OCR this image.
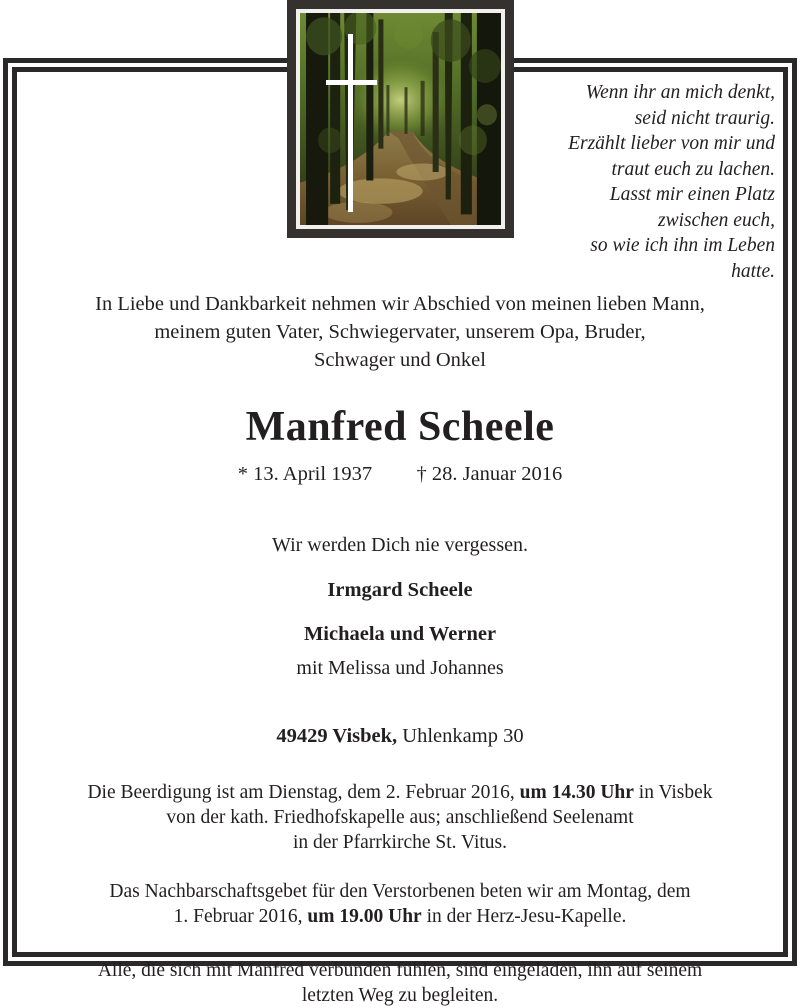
Wenn ihr an mich denkt,
seid nicht traurig.
Erzählt lieber von mir und
traut euch zu lachen.
Lasst mir einen Platz
zwischen euch,
so wie ich ihn im Leben
hatte.
In Liebe und Dankbarkeit nehmen wir Abschied von meinen lieben Mann,
meinem guten Vater, Schwiegervater, unserem Opa, Bruder,
Schwager und Onkel
Manfred Scheele
* 13. April 1937 † 28. Januar 2016
Wir werden Dich nie vergessen.
Irmgard Scheele
Michaela und Werner
mit Melissa und Johannes
49429 Visbek, Uhlenkamp 30
Die Beerdigung ist am Dienstag, dem 2. Februar 2016, um 14.30 Uhr in Visbek
von der kath. Friedhofskapelle aus; anschließend Seelenamt
in der Pfarrkirche St. Vitus.
Das Nachbarschaftsgebet für den Verstorbenen beten wir am Montag, dem
1. Februar 2016, um 19.00 Uhr in der Herz-Jesu-Kapelle.
Alle, die sich mit Manfred verbunden fühlen, sind eingeladen, ihn auf seinem
letzten Weg zu begleiten.
